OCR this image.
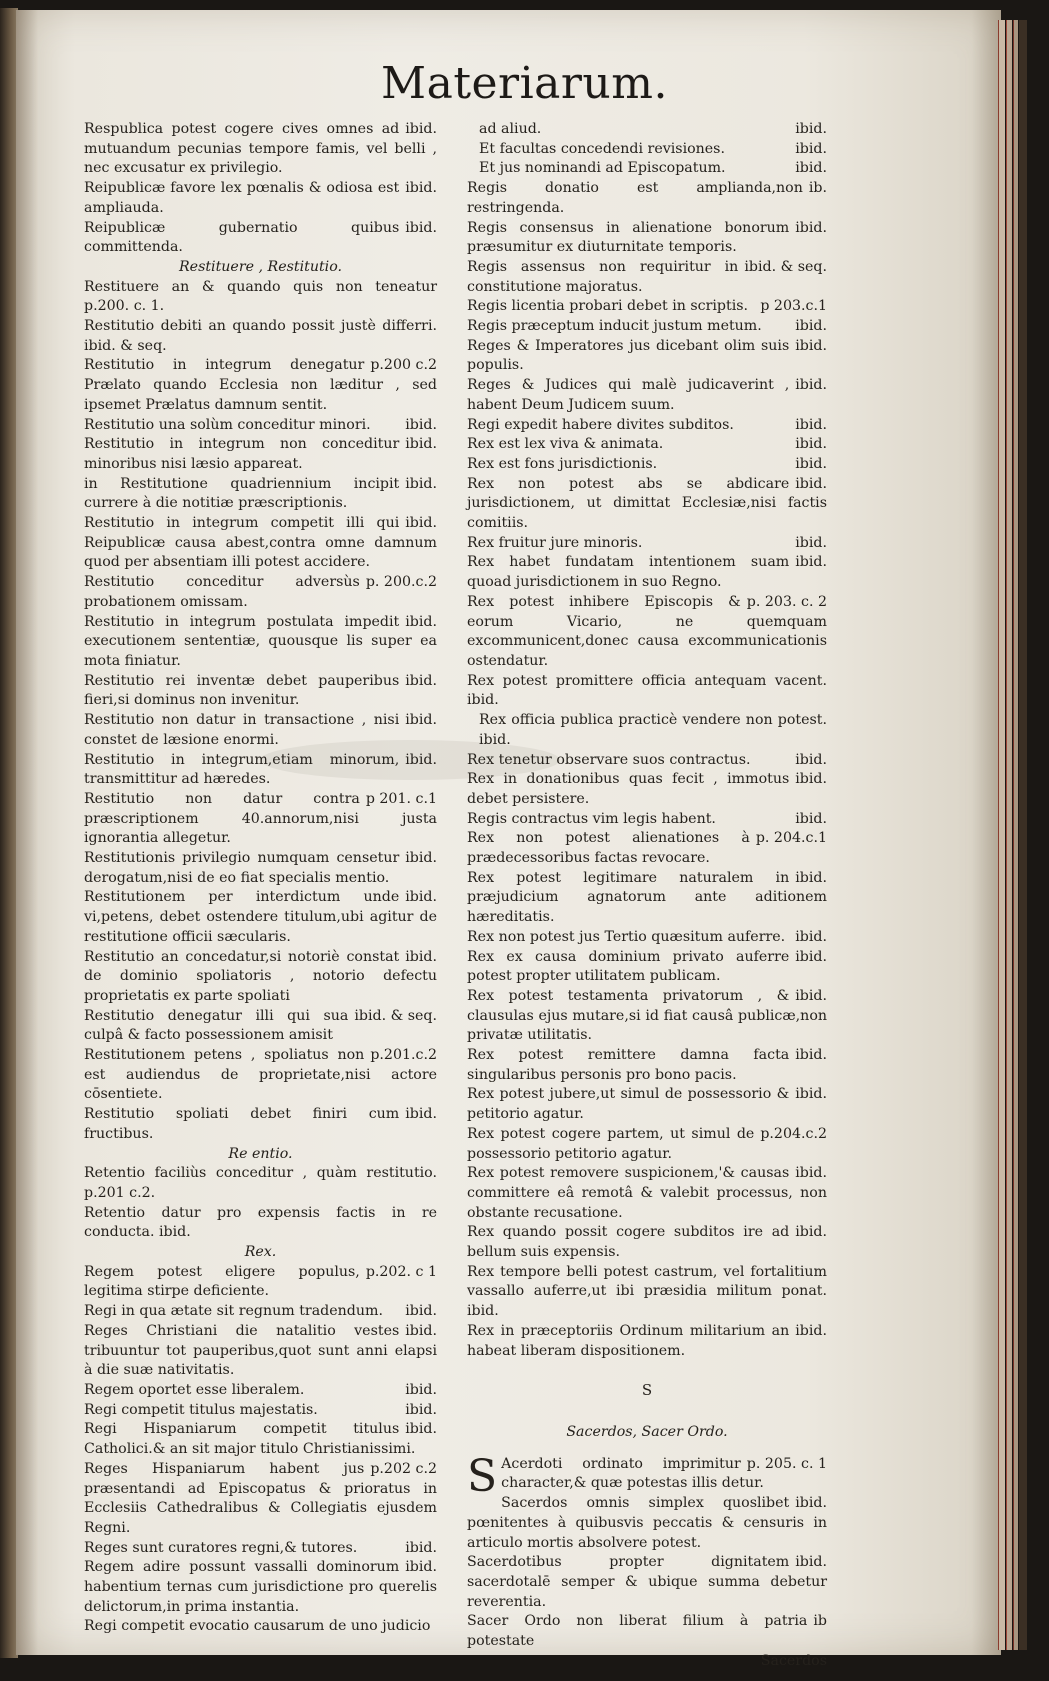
Materiarum.

ibid.
Respublica potest cogere cives omnes ad mutuandum pecunias tempore famis, vel belli , nec excusatur ex privilegio.

ibid.
Reipublicæ favore lex pœnalis & odiosa est ampliauda.

ibid.
Reipublicæ gubernatio quibus committenda.

Restituere , Restitutio.

Restituere an & quando quis non teneatur p.200. c. 1.

Restitutio debiti an quando possit justè differri. ibid. & seq.

p.200 c.2
Restitutio in integrum denegatur Prælato quando Ecclesia non læditur , sed ipsemet Prælatus damnum sentit.

ibid.
Restitutio una solùm conceditur minori.

ibid.
Restitutio in integrum non conceditur minoribus nisi læsio appareat.

ibid.
in Restitutione quadriennium incipit currere à die notitiæ præscriptionis.

ibid.
Restitutio in integrum competit illi qui Reipublicæ causa abest,contra omne damnum quod per absentiam illi potest accidere.

p. 200.c.2
Restitutio conceditur adversùs probationem omissam.

ibid.
Restitutio in integrum postulata impedit executionem sententiæ, quousque lis super ea mota finiatur.

ibid.
Restitutio rei inventæ debet pauperibus fieri,si dominus non invenitur.

ibid.
Restitutio non datur in transactione , nisi constet de læsione enormi.

ibid.
Restitutio in integrum,etiam minorum, transmittitur ad hæredes.

p 201. c.1
Restitutio non datur contra præscriptionem 40.annorum,nisi justa ignorantia allegetur.

ibid.
Restitutionis privilegio numquam censetur derogatum,nisi de eo fiat specialis mentio.

ibid.
Restitutionem per interdictum unde vi,petens, debet ostendere titulum,ubi agitur de restitutione officii sæcularis.

ibid.
Restitutio an concedatur,si notoriè constat de dominio spoliatoris , notorio defectu proprietatis ex parte spoliati

ibid. & seq.
Restitutio denegatur illi qui sua culpâ & facto possessionem amisit

p.201.c.2
Restitutionem petens , spoliatus non est audiendus de proprietate,nisi actore cōsentiete.

ibid.
Restitutio spoliati debet finiri cum fructibus.

Re entio.

Retentio faciliùs conceditur , quàm restitutio. p.201 c.2.

Retentio datur pro expensis factis in re conducta. ibid.

Rex.

p.202. c 1
Regem potest eligere populus, legitima stirpe deficiente.

ibid.
Regi in qua ætate sit regnum tradendum.

ibid.
Reges Christiani die natalitio vestes tribuuntur tot pauperibus,quot sunt anni elapsi à die suæ nativitatis.

ibid.
Regem oportet esse liberalem.

ibid.
Regi competit titulus majestatis.

ibid.
Regi Hispaniarum competit titulus Catholici.& an sit major titulo Christianissimi.

p.202 c.2
Reges Hispaniarum habent jus præsentandi ad Episcopatus & prioratus in Ecclesiis Cathedralibus & Collegiatis ejusdem Regni.

ibid.
Reges sunt curatores regni,& tutores.

ibid.
Regem adire possunt vassalli dominorum habentium ternas cum jurisdictione pro querelis delictorum,in prima instantia.

Regi competit evocatio causarum de uno judicio

ibid.
ad aliud.

ibid.
Et facultas concedendi revisiones.

ibid.
Et jus nominandi ad Episcopatum.

ib.
Regis donatio est amplianda,non restringenda.

ibid.
Regis consensus in alienatione bonorum præsumitur ex diuturnitate temporis.

ibid. & seq.
Regis assensus non requiritur in constitutione majoratus.

p 203.c.1
Regis licentia probari debet in scriptis.

ibid.
Regis præceptum inducit justum metum.

ibid.
Reges & Imperatores jus dicebant olim suis populis.

ibid.
Reges & Judices qui malè judicaverint , habent Deum Judicem suum.

ibid.
Regi expedit habere divites subditos.

ibid.
Rex est lex viva & animata.

ibid.
Rex est fons jurisdictionis.

ibid.
Rex non potest abs se abdicare jurisdictionem, ut dimittat Ecclesiæ,nisi factis comitiis.

ibid.
Rex fruitur jure minoris.

ibid.
Rex habet fundatam intentionem suam quoad jurisdictionem in suo Regno.

p. 203. c. 2
Rex potest inhibere Episcopis & eorum Vicario, ne quemquam excommunicent,donec causa excommunicationis ostendatur.

Rex potest promittere officia antequam vacent. ibid.

Rex officia publica practicè vendere non potest. ibid.

ibid.
Rex tenetur observare suos contractus.

ibid.
Rex in donationibus quas fecit , immotus debet persistere.

ibid.
Regis contractus vim legis habent.

p. 204.c.1
Rex non potest alienationes à prædecessoribus factas revocare.

ibid.
Rex potest legitimare naturalem in præjudicium agnatorum ante aditionem hæreditatis.

ibid.
Rex non potest jus Tertio quæsitum auferre.

ibid.
Rex ex causa dominium privato auferre potest propter utilitatem publicam.

ibid.
Rex potest testamenta privatorum , & clausulas ejus mutare,si id fiat causâ publicæ,non privatæ utilitatis.

ibid.
Rex potest remittere damna facta singularibus personis pro bono pacis.

ibid.
Rex potest jubere,ut simul de possessorio & petitorio agatur.

p.204.c.2
Rex potest cogere partem, ut simul de possessorio petitorio agatur.

ibid.
Rex potest removere suspicionem,'& causas committere eâ remotâ & valebit processus, non obstante recusatione.

ibid.
Rex quando possit cogere subditos ire ad bellum suis expensis.

Rex tempore belli potest castrum, vel fortalitium vassallo auferre,ut ibi præsidia militum ponat. ibid.

ibid.
Rex in præceptoriis Ordinum militarium an habeat liberam dispositionem.

S

Sacerdos, Sacer Ordo.

S	p. 205. c. 1
Acerdoti ordinato imprimitur character,& quæ potestas illis detur.

ibid.
Sacerdos omnis simplex quoslibet pœnitentes à quibusvis peccatis & censuris in articulo mortis absolvere potest.

ibid.
Sacerdotibus propter dignitatem sacerdotalē semper & ubique summa debetur reverentia.

ib
Sacer Ordo non liberat filium à patria potestate

Sacerdos
